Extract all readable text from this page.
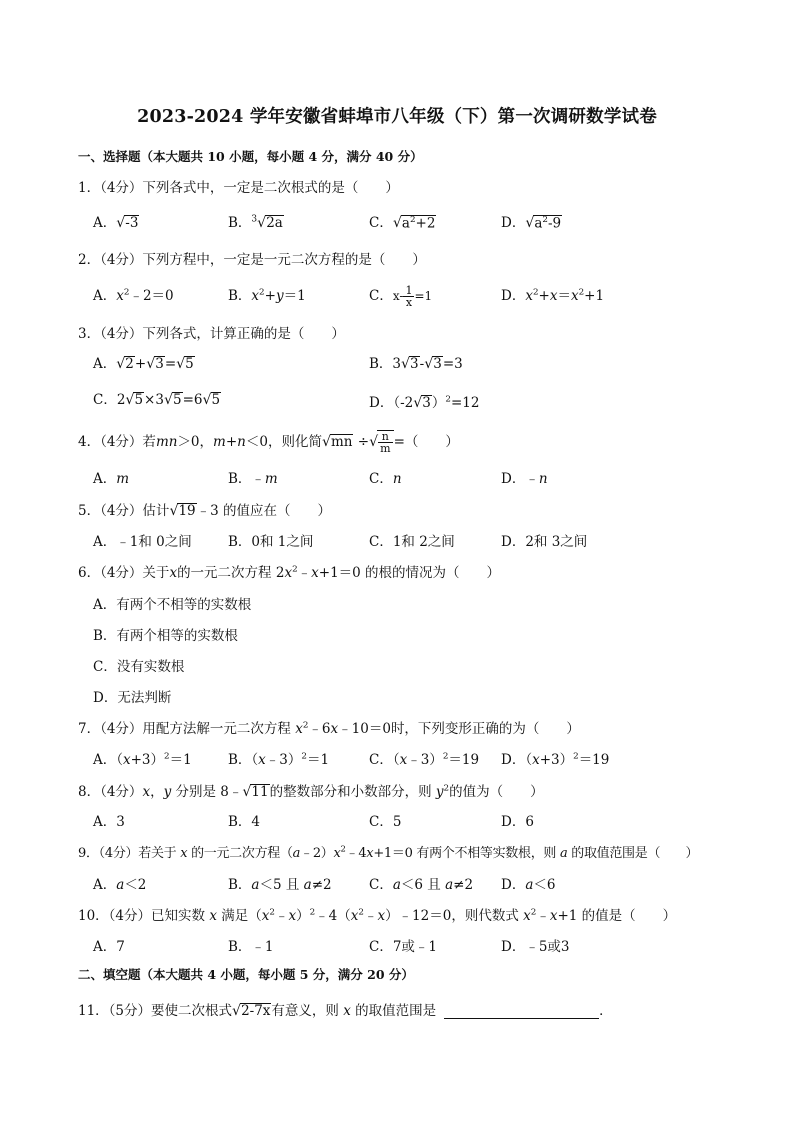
2023-2024 学年安徽省蚌埠市八年级（下）第一次调研数学试卷
一、选择题（本大题共 10 小题，每小题 4 分，满分 40 分）
1．（4分）下列各式中，一定是二次根式的是（　　）
A．√-3	B．$^3$√2a	C．$√a^2+2$	D．$√a^2-9$
2．（4分）下列方程中，一定是一元二次方程的是（　　）
A．$x^2﹣2=0$	B．$x^2+y=1$	C．$x- \frac{1}{x} =1$	D．$x^2+x=x^2+1$
3．（4分）下列各式，计算正确的是（　　）
A．√2+√3=√5	B．3√3-√3=3
C．2√5×3√5=6√5	D．$(-2√3)^2=12$
4．（4分）若mn＞0，m+n＜0，则化简√mn ÷√ $\frac{n}{m}$ =（　　）
A．m	B．﹣m	C．n	D．﹣n
5．（4分）估计√19﹣3 的值应在（　　）
A．﹣1和 0之间	B．0和 1之间	C．1和 2之间	D．2和 3之间
6．（4分）关于x的一元二次方程 $2x^2﹣x+1=0$ 的根的情况为（　　）
A．有两个不相等的实数根
B．有两个相等的实数根
C．没有实数根
D．无法判断
7．（4分）用配方法解一元二次方程 $x^2﹣6x﹣10=0$时，下列变形正确的为（　　）
A．$(x+3)^2=1$	B．（x﹣3）$^2$＝1	C．（x﹣3）$^2$＝19 D．$(x+3)^2=19$
8．（4分）x，y 分别是 8﹣√11的整数部分和小数部分，则 $y^2$的值为（　　）
A．3	B．4	C．5	D．6
9．（4分）若关于 x 的一元二次方程$(a﹣2)x^2﹣4x+1=0$ 有两个不相等实数根，则 a 的取值范围是（　　）
A．a＜2	B．a＜5 且 a≠2	C．a＜6 且 a≠2 D．a＜6
10．（4分）已知实数 x 满足$(x^2﹣x)^2﹣4(x^2﹣x)﹣12=0$，则代数式 $x^2﹣x+1$ 的值是（　　）
A．7	B．﹣1	C．7或﹣1	D．﹣5或3
二、填空题（本大题共 4 小题，每小题 5 分，满分 20 分）
11．（5分）要使二次根式√2-7x有意义，则 x 的取值范围是	．
